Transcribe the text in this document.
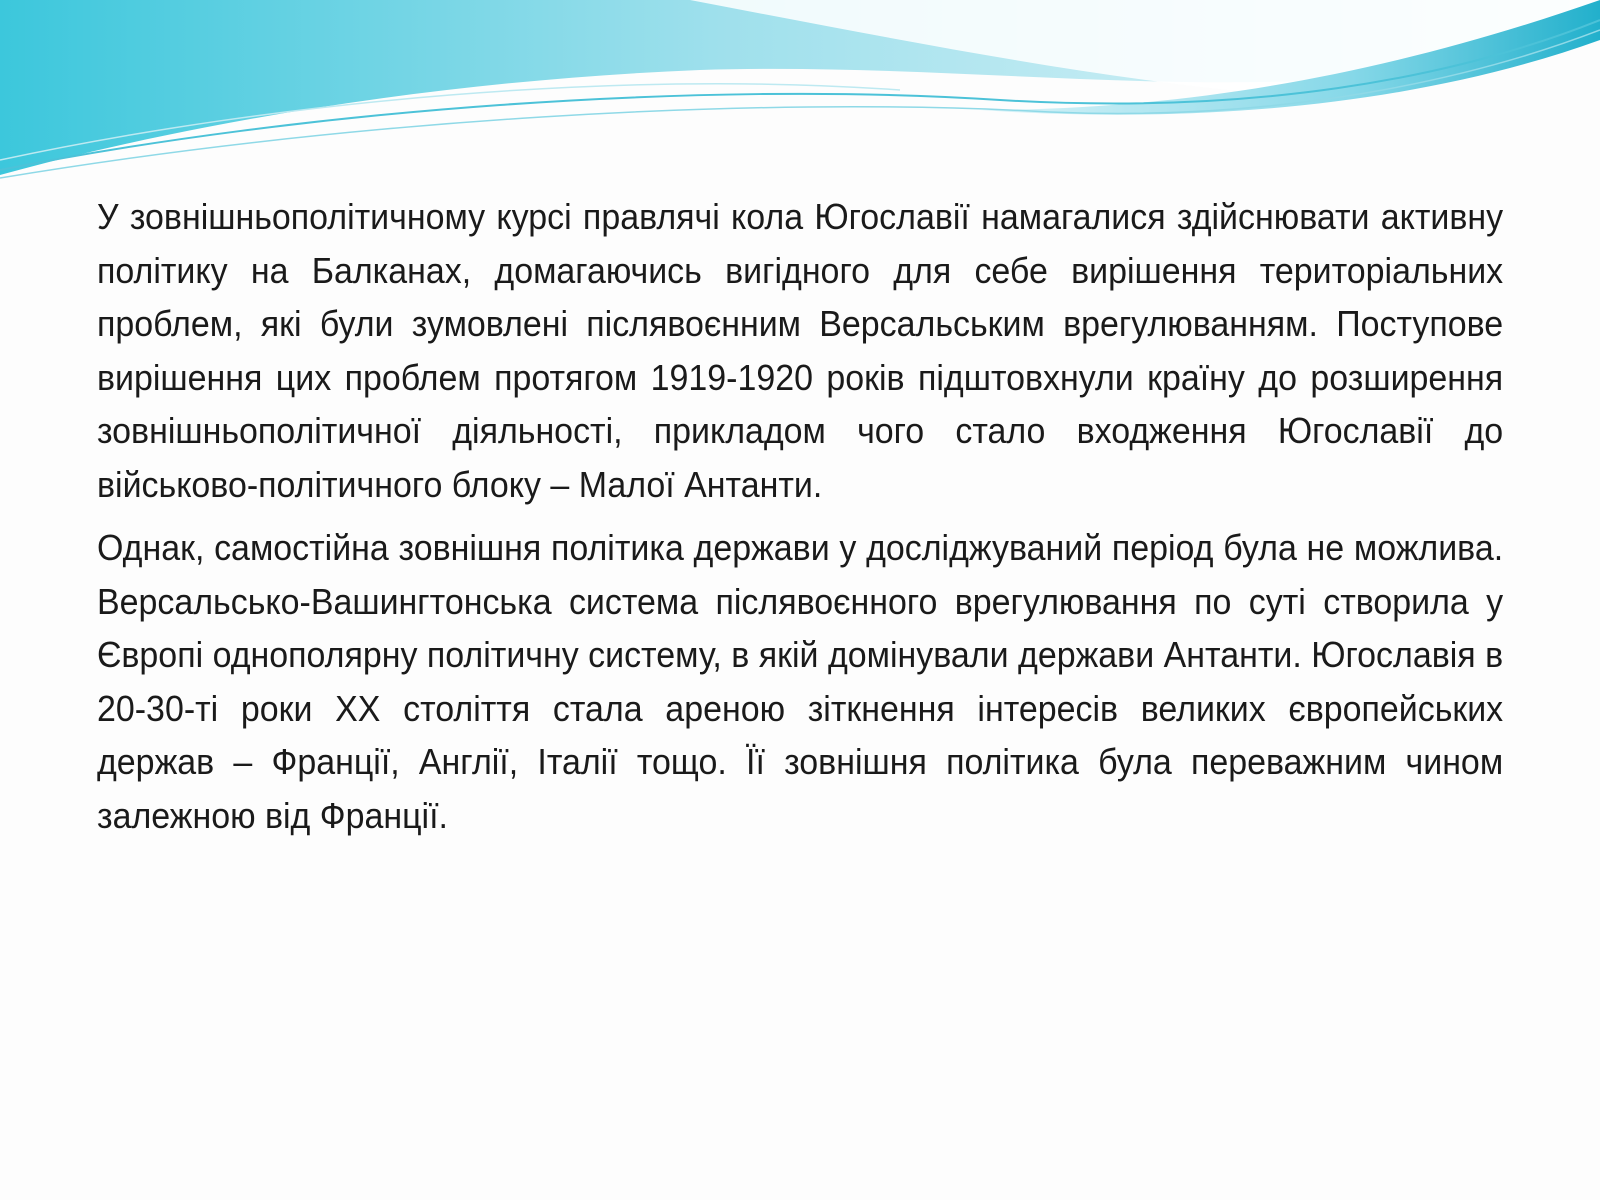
У зовнішньополітичному курсі правлячі кола Югославії намагалися здійснювати активну політику на Балканах, домагаючись вигідного для себе вирішення територіальних проблем, які були зумовлені післявоєнним Версальським врегулюванням. Поступове вирішення цих проблем протягом 1919-1920 років підштовхнули країну до розширення зовнішньополітичної діяльності, прикладом чого стало входження Югославії до військово-політичного блоку – Малої Антанти.

Однак, самостійна зовнішня політика держави у досліджуваний період була не можлива. Версальсько-Вашингтонська система післявоєнного врегулювання по суті створила у Європі однополярну політичну систему, в якій домінували держави Антанти. Югославія в 20-30-ті роки XX століття стала ареною зіткнення інтересів великих європейських держав – Франції, Англії, Італії тощо. Її зовнішня політика була переважним чином залежною від Франції.
